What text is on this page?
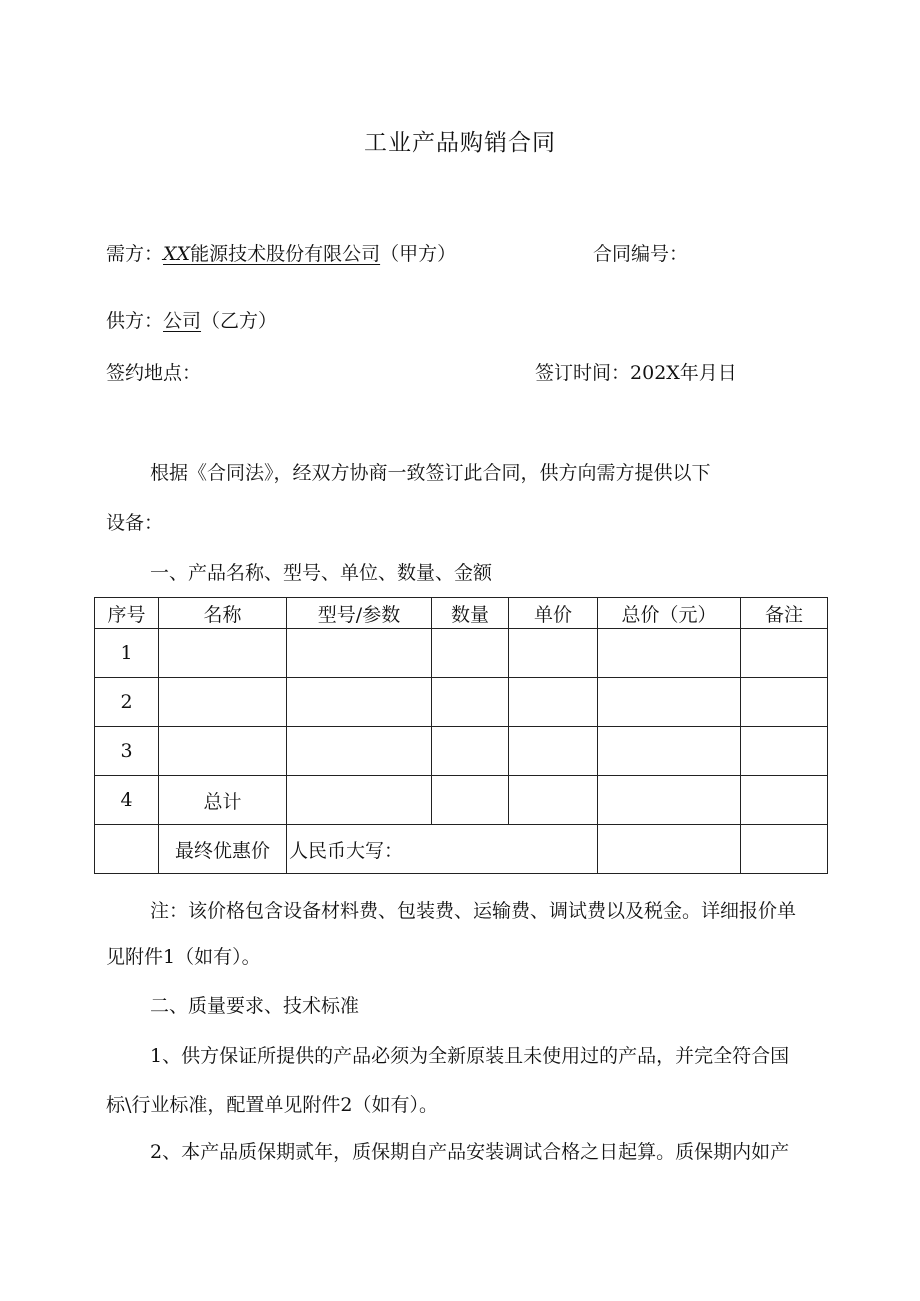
工业产品购销合同
需方：XX能源技术股份有限公司（甲方）	合同编号：
供方：公司（乙方）
签约地点：	签订时间：202X年月日
根据《合同法》，经双方协商一致签订此合同，供方向需方提供以下
设备：
一、产品名称、型号、单位、数量、金额
序号	名称	型号/参数	数量	单价	总价（元）	备注
1						
2						
3						
4	总计					
	最终优惠价	人民币大写：				
注：该价格包含设备材料费、包装费、运输费、调试费以及税金。详细报价单
见附件1（如有）。
二、质量要求、技术标准
1、供方保证所提供的产品必须为全新原装且未使用过的产品，并完全符合国
标\行业标准，配置单见附件2（如有）。
2、本产品质保期贰年，质保期自产品安装调试合格之日起算。质保期内如产
